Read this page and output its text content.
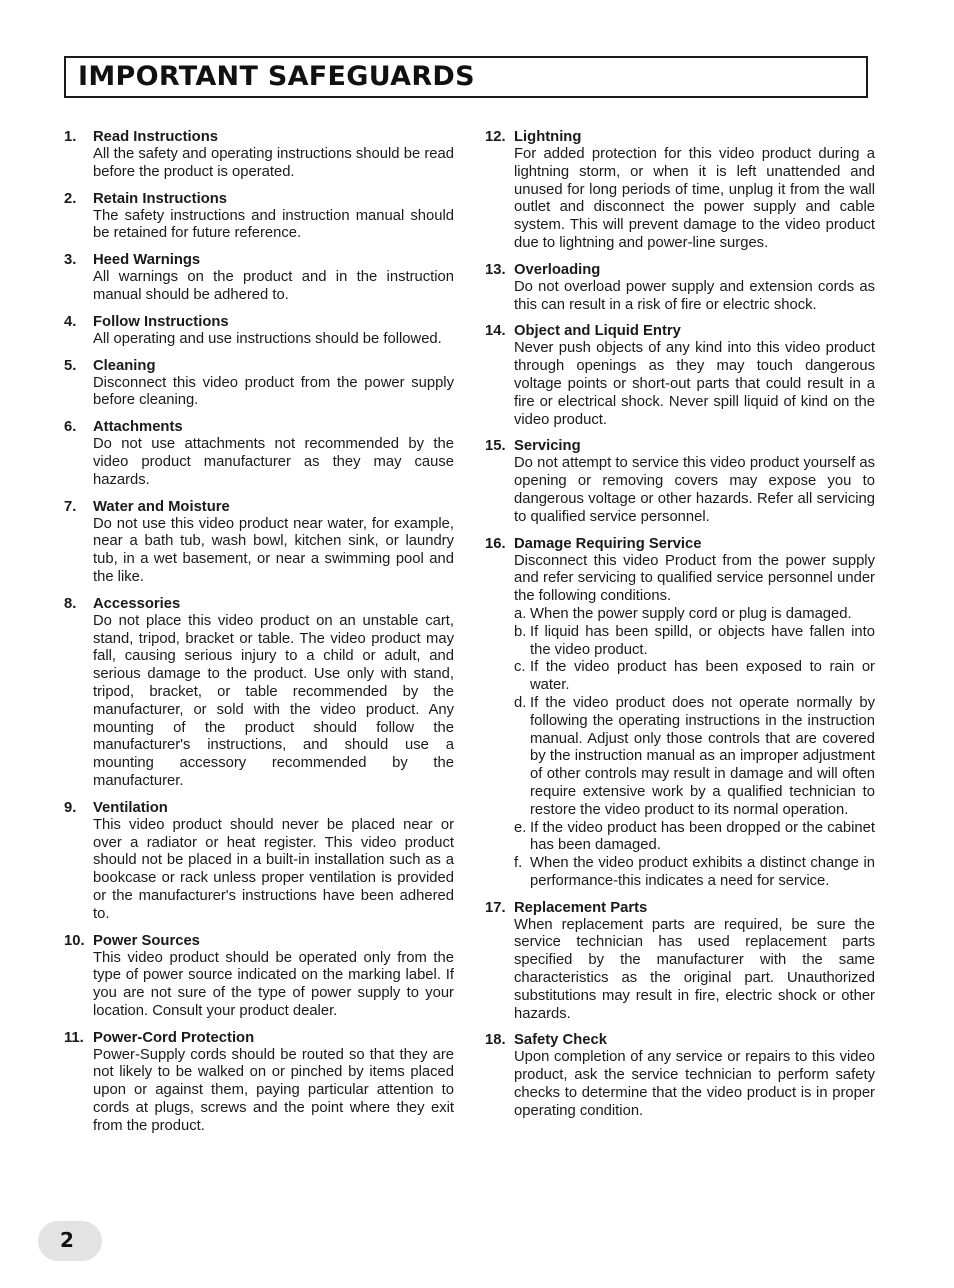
IMPORTANT SAFEGUARDS
1. Read Instructions
All the safety and operating instructions should be read before the product is operated.
2. Retain Instructions
The safety instructions and instruction manual should be retained for future reference.
3. Heed Warnings
All warnings on the product and in the instruction manual should be adhered to.
4. Follow Instructions
All operating and use instructions should be followed.
5. Cleaning
Disconnect this video product from the power supply before cleaning.
6. Attachments
Do not use attachments not recommended by the video product manufacturer as they may cause hazards.
7. Water and Moisture
Do not use this video product near water, for example, near a bath tub, wash bowl, kitchen sink, or laundry tub, in a wet basement, or near a swimming pool and the like.
8. Accessories
Do not place this video product on an unstable cart, stand, tripod, bracket or table. The video product may fall, causing serious injury to a child or adult, and serious damage to the product. Use only with stand, tripod, bracket, or table recommended by the manufacturer, or sold with the video product. Any mounting of the product should follow the manufacturer's instructions, and should use a mounting accessory recommended by the manufacturer.
9. Ventilation
This video product should never be placed near or over a radiator or heat register. This video product should not be placed in a built-in installation such as a bookcase or rack unless proper ventilation is provided or the manufacturer's instructions have been adhered to.
10. Power Sources
This video product should be operated only from the type of power source indicated on the marking label. If you are not sure of the type of power supply to your location. Consult your product dealer.
11. Power-Cord Protection
Power-Supply cords should be routed so that they are not likely to be walked on or pinched by items placed upon or against them, paying particular attention to cords at plugs, screws and the point where they exit from the product.
12. Lightning
For added protection for this video product during a lightning storm, or when it is left unattended and unused for long periods of time, unplug it from the wall outlet and disconnect the power supply and cable system. This will prevent damage to the video product due to lightning and power-line surges.
13. Overloading
Do not overload power supply and extension cords as this can result in a risk of fire or electric shock.
14. Object and Liquid Entry
Never push objects of any kind into this video product through openings as they may touch dangerous voltage points or short-out parts that could result in a fire or electrical shock. Never spill liquid of kind on the video product.
15. Servicing
Do not attempt to service this video product yourself as opening or removing covers may expose you to dangerous voltage or other hazards. Refer all servicing to qualified service personnel.
16. Damage Requiring Service
Disconnect this video Product from the power supply and refer servicing to qualified service personnel under the following conditions.
a. When the power supply cord or plug is damaged.
b. If liquid has been spilld, or objects have fallen into the video product.
c. If the video product has been exposed to rain or water.
d. If the video product does not operate normally by following the operating instructions in the instruction manual. Adjust only those controls that are covered by the instruction manual as an improper adjustment of other controls may result in damage and will often require extensive work by a qualified technician to restore the video product to its normal operation.
e. If the video product has been dropped or the cabinet has been damaged.
f. When the video product exhibits a distinct change in performance-this indicates a need for service.
17. Replacement Parts
When replacement parts are required, be sure the service technician has used replacement parts specified by the manufacturer with the same characteristics as the original part. Unauthorized substitutions may result in fire, electric shock or other hazards.
18. Safety Check
Upon completion of any service or repairs to this video product, ask the service technician to perform safety checks to determine that the video product is in proper operating condition.
2
